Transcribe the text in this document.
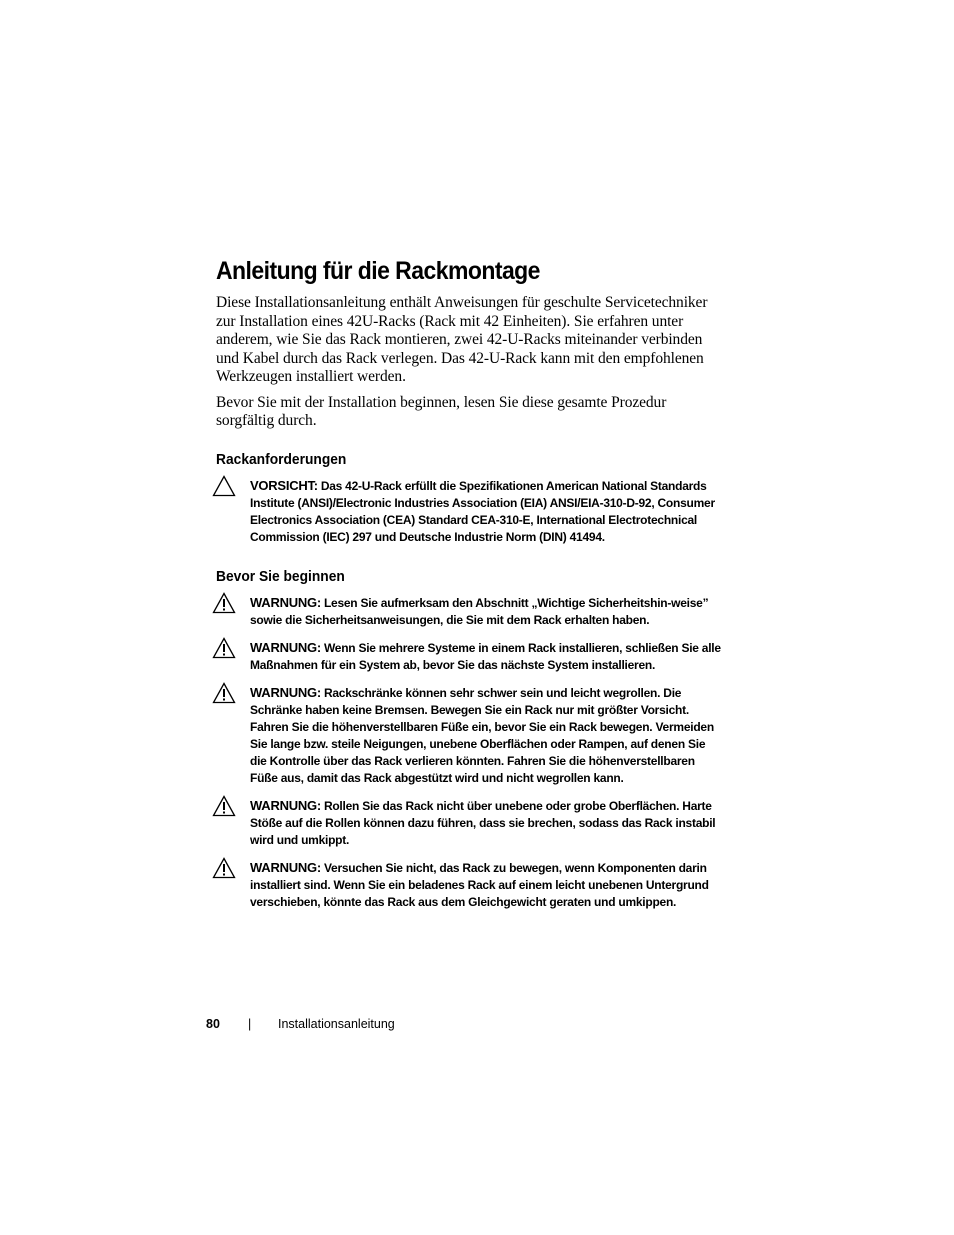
Anleitung für die Rackmontage

Diese Installationsanleitung enthält Anweisungen für geschulte Servicetechniker zur Installation eines 42U-Racks (Rack mit 42 Einheiten). Sie erfahren unter anderem, wie Sie das Rack montieren, zwei 42-U-Racks miteinander verbinden und Kabel durch das Rack verlegen. Das 42-U-Rack kann mit den empfohlenen Werkzeugen installiert werden.

Bevor Sie mit der Installation beginnen, lesen Sie diese gesamte Prozedur sorgfältig durch.

Rackanforderungen
VORSICHT: Das 42-U-Rack erfüllt die Spezifikationen American National Standards Institute (ANSI)/Electronic Industries Association (EIA) ANSI/EIA-310-D-92, Consumer Electronics Association (CEA) Standard CEA-310-E, International Electrotechnical Commission (IEC) 297 und Deutsche Industrie Norm (DIN) 41494.
Bevor Sie beginnen
WARNUNG: Lesen Sie aufmerksam den Abschnitt „Wichtige Sicherheitshin-weise” sowie die Sicherheitsanweisungen, die Sie mit dem Rack erhalten haben.
WARNUNG: Wenn Sie mehrere Systeme in einem Rack installieren, schließen Sie alle Maßnahmen für ein System ab, bevor Sie das nächste System installieren.
WARNUNG: Rackschränke können sehr schwer sein und leicht wegrollen. Die Schränke haben keine Bremsen. Bewegen Sie ein Rack nur mit größter Vorsicht. Fahren Sie die höhenverstellbaren Füße ein, bevor Sie ein Rack bewegen. Vermeiden Sie lange bzw. steile Neigungen, unebene Oberflächen oder Rampen, auf denen Sie die Kontrolle über das Rack verlieren könnten. Fahren Sie die höhenverstellbaren Füße aus, damit das Rack abgestützt wird und nicht wegrollen kann.
WARNUNG: Rollen Sie das Rack nicht über unebene oder grobe Oberflächen. Harte Stöße auf die Rollen können dazu führen, dass sie brechen, sodass das Rack instabil wird und umkippt.
WARNUNG: Versuchen Sie nicht, das Rack zu bewegen, wenn Komponenten darin installiert sind. Wenn Sie ein beladenes Rack auf einem leicht unebenen Untergrund verschieben, könnte das Rack aus dem Gleichgewicht geraten und umkippen.
80 | Installationsanleitung
